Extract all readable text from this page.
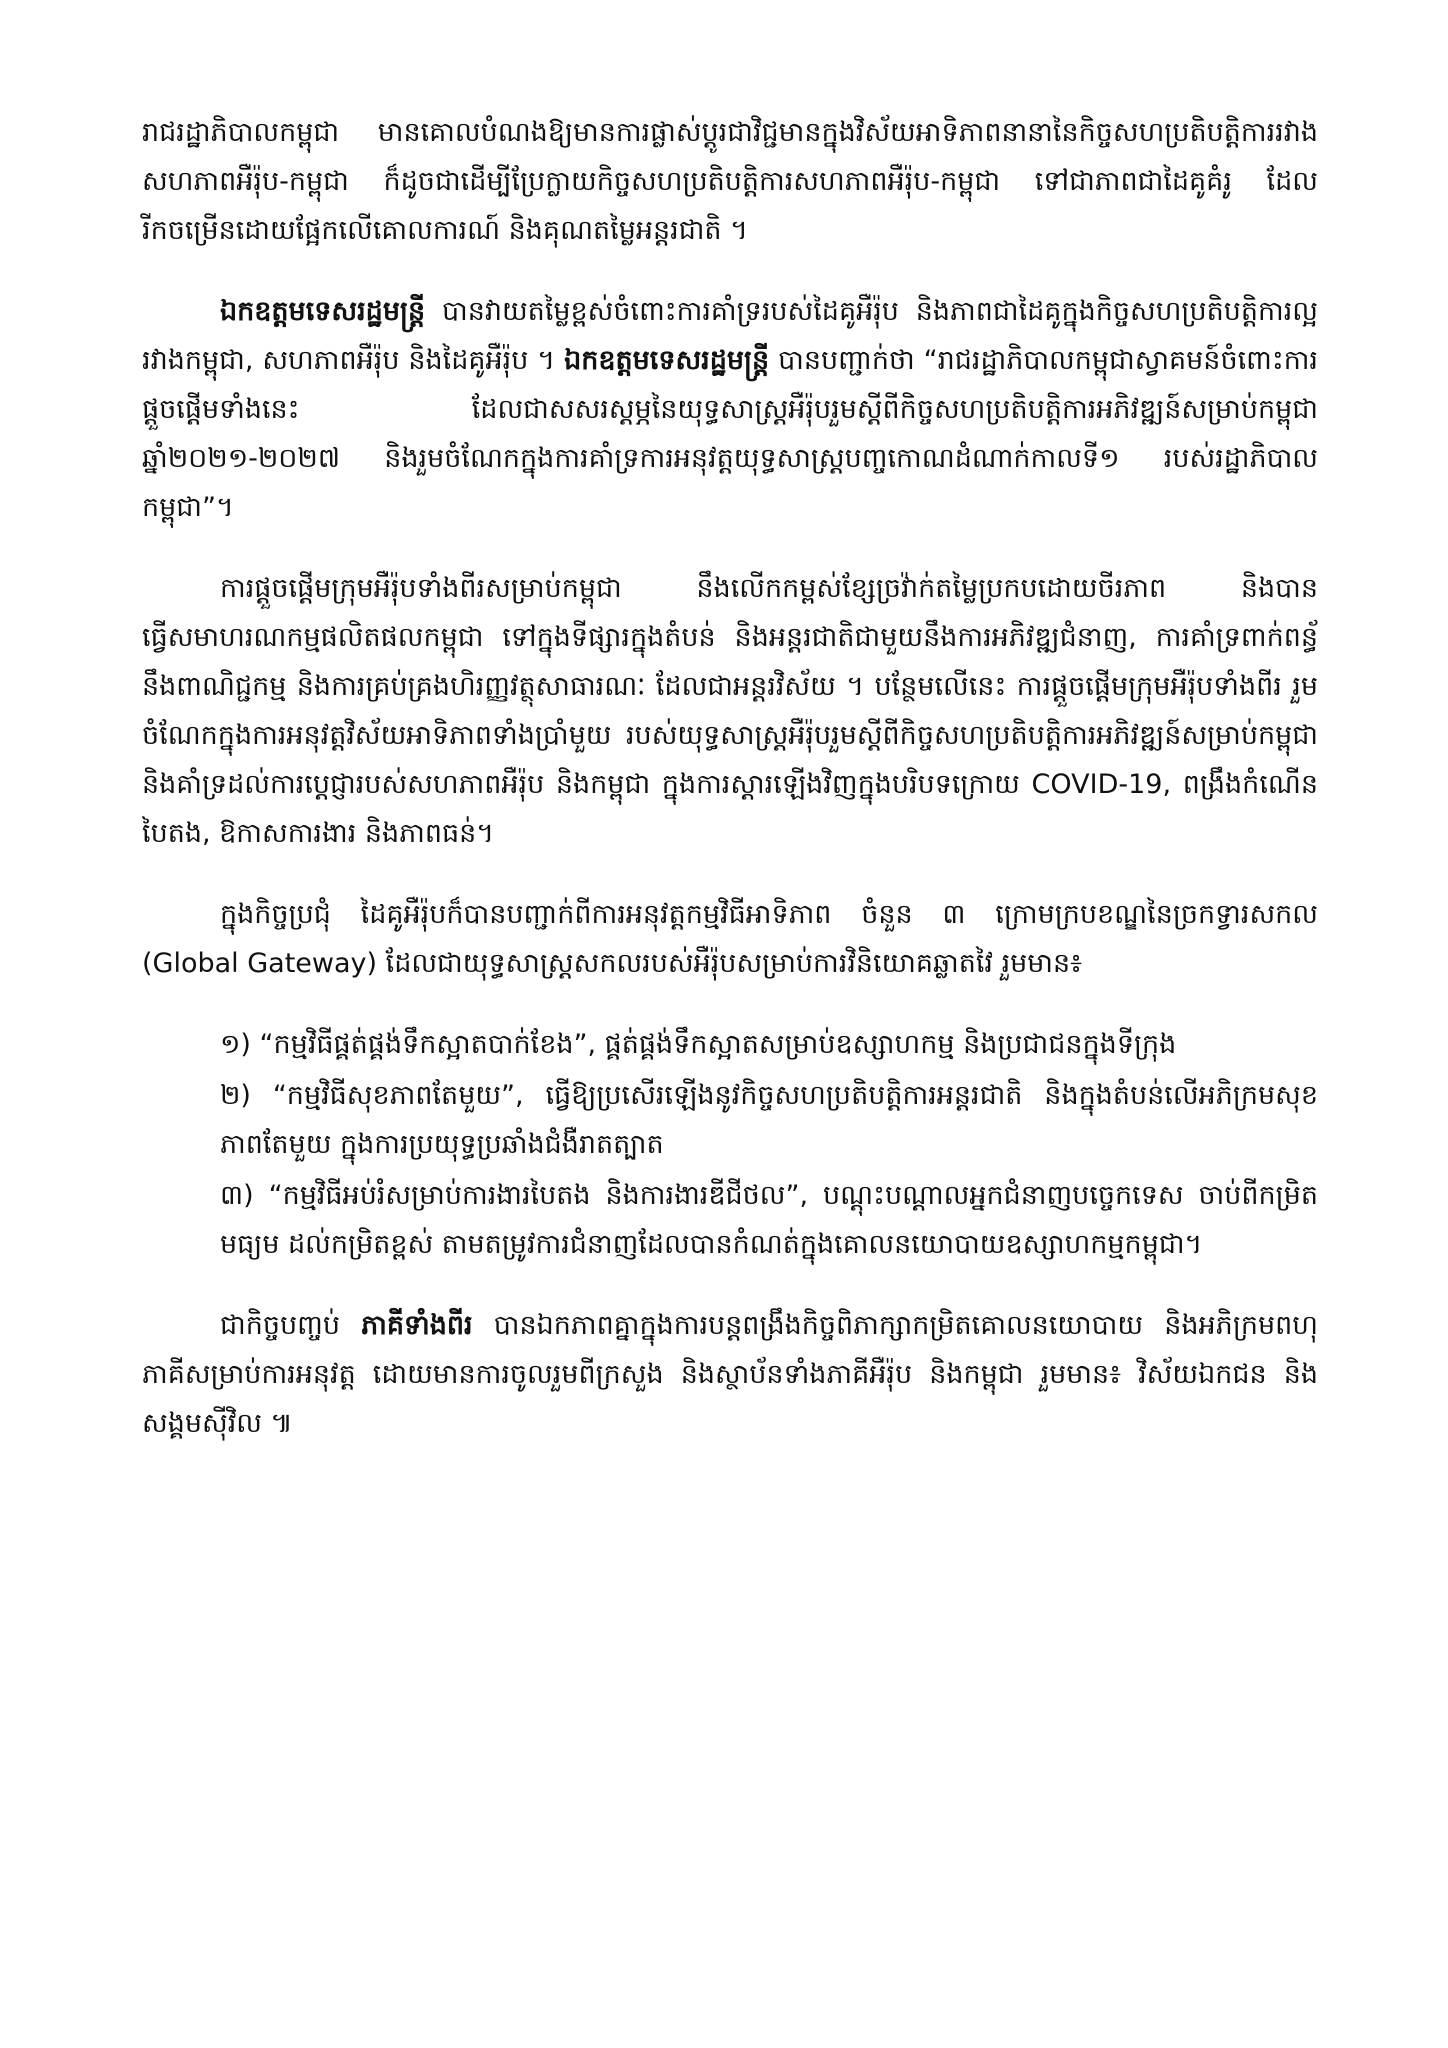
រាជរដ្ឋាភិបាលកម្ពុជា មានគោលបំណងឱ្យមានការផ្លាស់ប្តូរជាវិជ្ជមានក្នុងវិស័យអាទិភាពនានានៃកិច្ចសហប្រតិបត្តិការរវាងសហភាពអឺរ៉ុប-កម្ពុជា ក៏ដូចជាដើម្បីប្រែក្លាយកិច្ចសហប្រតិបត្តិការសហភាពអឺរ៉ុប-កម្ពុជា ទៅជាភាពជាដៃគូគំរូ ដែលរីកចម្រើនដោយផ្អែកលើគោលការណ៍ និងគុណតម្លៃអន្តរជាតិ ។

ឯកឧត្តមទេសរដ្ឋមន្ត្រី បានវាយតម្លៃខ្ពស់ចំពោះការគាំទ្ររបស់ដៃគូអឺរ៉ុប និងភាពជាដៃគូក្នុងកិច្ចសហប្រតិបត្តិការល្អរវាងកម្ពុជា, សហភាពអឺរ៉ុប និងដៃគូអឺរ៉ុប ។ ឯកឧត្តមទេសរដ្ឋមន្ត្រី បានបញ្ជាក់ថា “រាជរដ្ឋាភិបាលកម្ពុជាស្វាគមន៍ចំពោះការផ្តួចផ្តើមទាំងនេះ ដែលជាសសរស្តម្ភនៃយុទ្ធសាស្ត្រអឺរ៉ុបរួមស្តីពីកិច្ចសហប្រតិបត្តិការអភិវឌ្ឍន៍សម្រាប់កម្ពុជា ឆ្នាំ២០២១-២០២៧ និងរួមចំណែកក្នុងការគាំទ្រការអនុវត្តយុទ្ធសាស្ត្របញ្ចកោណដំណាក់កាលទី១ របស់រដ្ឋាភិបាលកម្ពុជា”។

ការផ្តួចផ្តើមក្រុមអឺរ៉ុបទាំងពីរសម្រាប់កម្ពុជា នឹងលើកកម្ពស់ខ្សែច្រវ៉ាក់តម្លៃប្រកបដោយចីរភាព និងបានធ្វើសមាហរណកម្មផលិតផលកម្ពុជា ទៅក្នុងទីផ្សារក្នុងតំបន់ និងអន្តរជាតិជាមួយនឹងការអភិវឌ្ឍជំនាញ, ការគាំទ្រពាក់ពន្ធ័នឹងពាណិជ្ជកម្ម និងការគ្រប់គ្រងហិរញ្ញវត្ថុសាធារណៈ ដែលជាអន្តរវិស័យ ។ បន្ថែមលើនេះ ការផ្តួចផ្តើមក្រុមអឺរ៉ុបទាំងពីរ រួមចំណែកក្នុងការអនុវត្តវិស័យអាទិភាពទាំងប្រាំមួយ របស់យុទ្ធសាស្ត្រអឺរ៉ុបរួមស្តីពីកិច្ចសហប្រតិបត្តិការអភិវឌ្ឍន៍សម្រាប់កម្ពុជា និងគាំទ្រដល់ការប្តេជ្ញារបស់សហភាពអឺរ៉ុប និងកម្ពុជា ក្នុងការស្តារឡើងវិញក្នុងបរិបទក្រោយ COVID-19, ពង្រឹងកំណើនបៃតង, ឱកាសការងារ និងភាពធន់។

ក្នុងកិច្ចប្រជុំ ដៃគូអឺរ៉ុបក៏បានបញ្ជាក់ពីការអនុវត្តកម្មវិធីអាទិភាព ចំនួន ៣ ក្រោមក្របខណ្ឌនៃច្រកទ្វារសកល (Global Gateway) ដែលជាយុទ្ធសាស្ត្រសកលរបស់អឺរ៉ុបសម្រាប់ការវិនិយោគឆ្លាតវៃ រួមមាន៖

១) “កម្មវិធីផ្គត់ផ្គង់ទឹកស្អាតបាក់ខែង”, ផ្គត់ផ្គង់ទឹកស្អាតសម្រាប់ឧស្សាហកម្ម និងប្រជាជនក្នុងទីក្រុង
២) “កម្មវិធីសុខភាពតែមួយ”, ធ្វើឱ្យប្រសើរឡើងនូវកិច្ចសហប្រតិបត្តិការអន្តរជាតិ និងក្នុងតំបន់លើអភិក្រមសុខភាពតែមួយ ក្នុងការប្រយុទ្ធប្រឆាំងជំងឺរាតត្បាត
៣) “កម្មវិធីអប់រំសម្រាប់ការងារបៃតង និងការងារឌីជីថល”, បណ្តុះបណ្តាលអ្នកជំនាញបច្ចេកទេស ចាប់ពីកម្រិតមធ្យម ដល់កម្រិតខ្ពស់ តាមតម្រូវការជំនាញដែលបានកំណត់ក្នុងគោលនយោបាយឧស្សាហកម្មកម្ពុជា។

ជាកិច្ចបញ្ចប់ ភាគីទាំងពីរ បានឯកភាពគ្នាក្នុងការបន្តពង្រឹងកិច្ចពិភាក្សាកម្រិតគោលនយោបាយ និងអភិក្រមពហុភាគីសម្រាប់ការអនុវត្ត ដោយមានការចូលរួមពីក្រសួង និងស្ថាប័នទាំងភាគីអឺរ៉ុប និងកម្ពុជា រួមមាន៖ វិស័យឯកជន និងសង្គមស៊ីវិល ៕
